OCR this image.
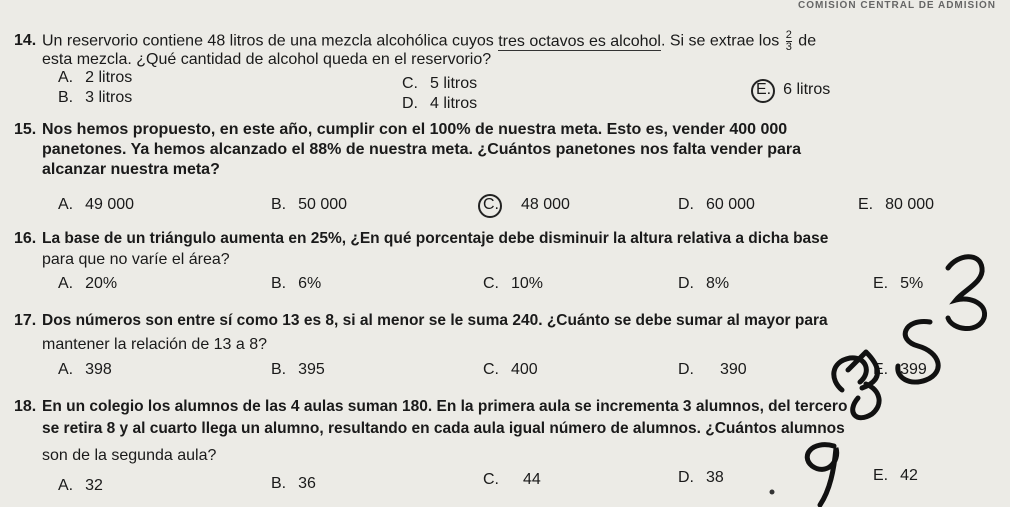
COMISIÓN CENTRAL DE ADMISIÓN
14. Un reservorio contiene 48 litros de una mezcla alcohólica cuyos tres octavos es alcohol. Si se extrae los $\frac{2}{3}$ de
esta mezcla. ¿Qué cantidad de alcohol queda en el reservorio?
A. 2 litros
B. 3 litros
C. 5 litros
D. 4 litros
E. 6 litros
15. Nos hemos propuesto, en este año, cumplir con el 100% de nuestra meta. Esto es, vender 400 000
panetones. Ya hemos alcanzado el 88% de nuestra meta. ¿Cuántos panetones nos falta vender para
alcanzar nuestra meta?
A. 49 000	B. 50 000	C. 48 000	D. 60 000	E. 80 000
16. La base de un triángulo aumenta en 25%, ¿En qué porcentaje debe disminuir la altura relativa a dicha base
para que no varíe el área?
A. 20%	B. 6%	C. 10%	D. 8%	E. 5%
17. Dos números son entre sí como 13 es 8, si al menor se le suma 240. ¿Cuánto se debe sumar al mayor para
mantener la relación de 13 a 8?
A. 398	B. 395	C. 400	D. 390	E. 399
18. En un colegio los alumnos de las 4 aulas suman 180. En la primera aula se incrementa 3 alumnos, del tercero
se retira 8 y al cuarto llega un alumno, resultando en cada aula igual número de alumnos. ¿Cuántos alumnos
son de la segunda aula?
A. 32	B. 36	C. 44	D. 38	E. 42
